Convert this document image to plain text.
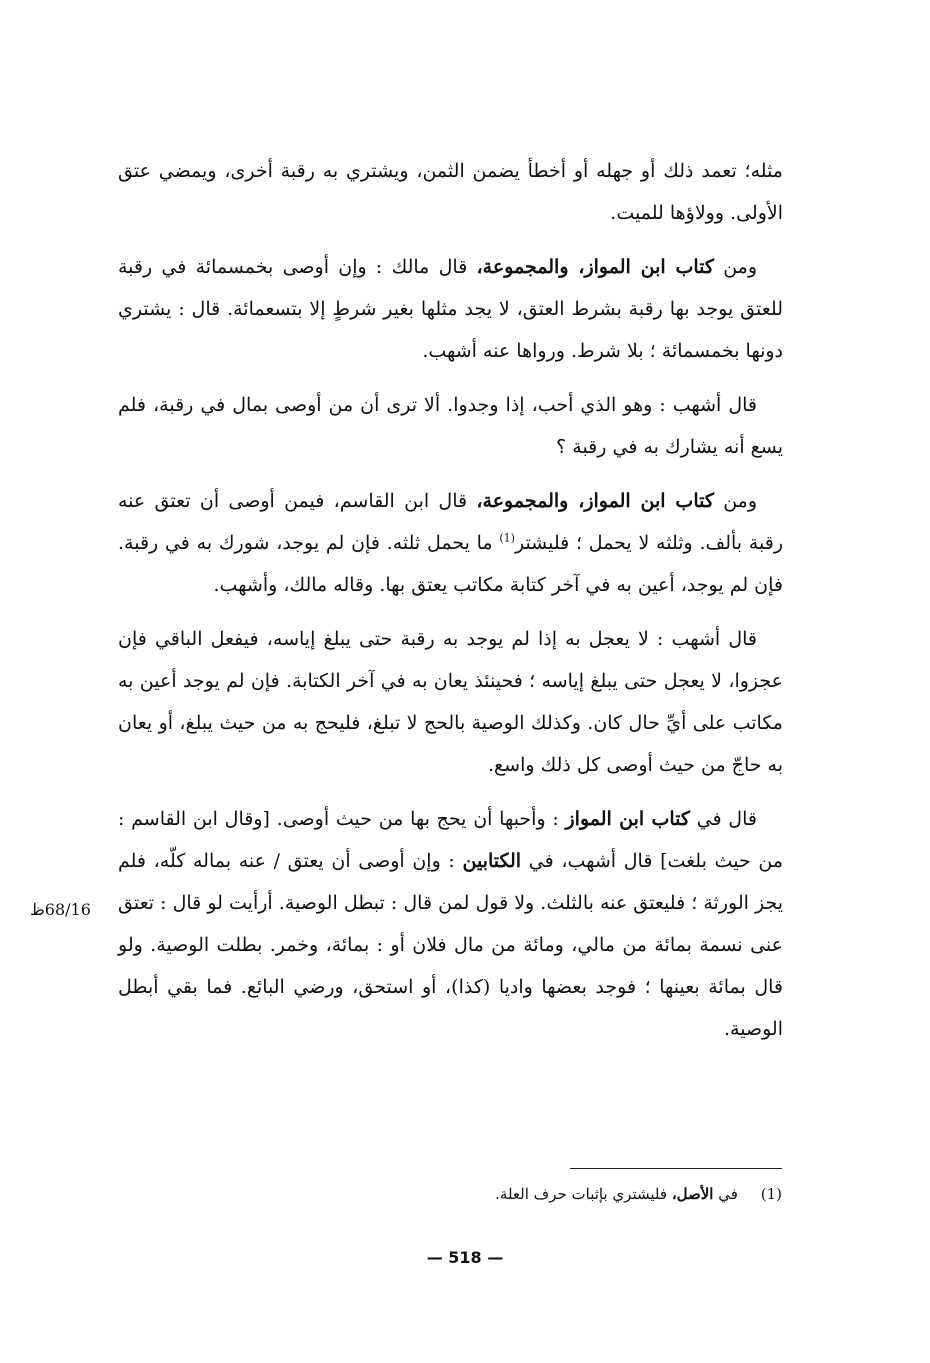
مثله؛ تعمد ذلك أو جهله أو أخطأ يضمن الثمن، ويشتري به رقبة أخرى، ويمضي عتق الأولى. وولاؤها للميت.

ومن كتاب ابن المواز، والمجموعة، قال مالك : وإن أوصى بخمسمائة في رقبة للعتق يوجد بها رقبة بشرط العتق، لا يجد مثلها بغير شرطٍ إلا بتسعمائة. قال : يشتري دونها بخمسمائة ؛ بلا شرط. ورواها عنه أشهب.

قال أشهب : وهو الذي أحب، إذا وجدوا. ألا ترى أن من أوصى بمال في رقبة، فلم يسع أنه يشارك به في رقبة ؟

ومن كتاب ابن المواز، والمجموعة، قال ابن القاسم، فيمن أوصى أن تعتق عنه رقبة بألف. وثلثه لا يحمل ؛ فليشتر$^{(1)}$ ما يحمل ثلثه. فإن لم يوجد، شورك به في رقبة. فإن لم يوجد، أعين به في آخر كتابة مكاتب يعتق بها. وقاله مالك، وأشهب.

قال أشهب : لا يعجل به إذا لم يوجد به رقبة حتى يبلغ إياسه، فيفعل الباقي فإن عجزوا، لا يعجل حتى يبلغ إياسه ؛ فحينئذ يعان به في آخر الكتابة. فإن لم يوجد أعين به مكاتب على أيِّ حال كان. وكذلك الوصية بالحج لا تبلغ، فليحج به من حيث يبلغ، أو يعان به حاجّ من حيث أوصى كل ذلك واسع.

قال في كتاب ابن المواز : وأحبها أن يحج بها من حيث أوصى. [وقال ابن القاسم : من حيث بلغت] قال أشهب، في الكتابين : وإن أوصى أن يعتق / عنه بماله كلّه، فلم يجز الورثة ؛ فليعتق عنه بالثلث. ولا قول لمن قال : تبطل الوصية. أرأيت لو قال : تعتق عنى نسمة بمائة من مالي، ومائة من مال فلان أو : بمائة، وخمر. بطلت الوصية. ولو قال بمائة بعينها ؛ فوجد بعضها واديا (كذا)، أو استحق، ورضي البائع. فما بقي أبطل الوصية.

68/16ظ
(1) في الأصل، فليشتري بإثبات حرف العلة.
— 518 —
